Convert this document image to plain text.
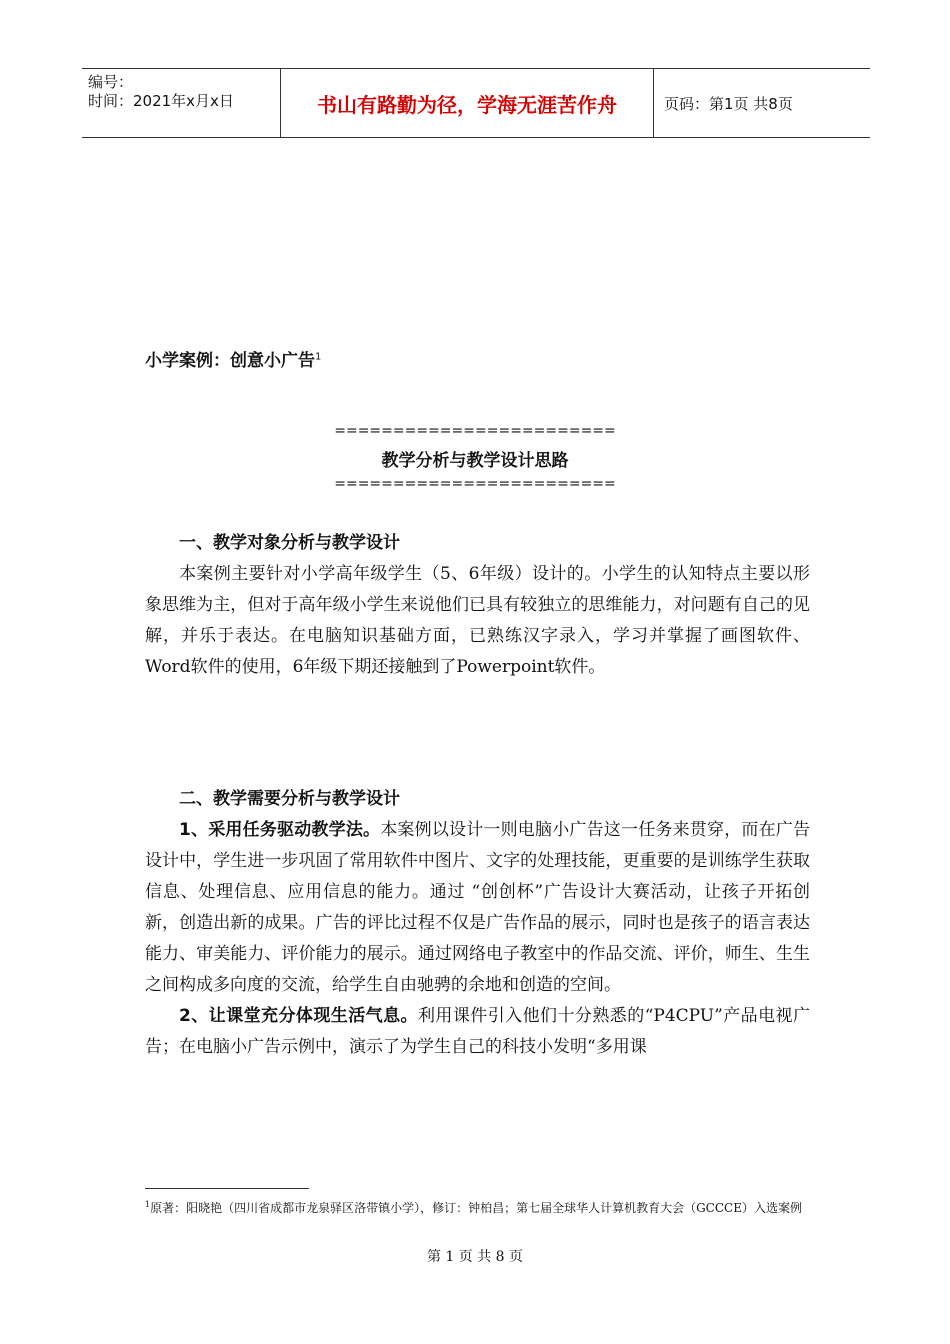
编号：
时间：2021年x月x日	书山有路勤为径，学海无涯苦作舟	页码：第1页 共8页
小学案例：创意小广告$^1$
========================
教学分析与教学设计思路
========================
一、教学对象分析与教学设计

本案例主要针对小学高年级学生（5、6年级）设计的。小学生的认知特点主要以形象思维为主，但对于高年级小学生来说他们已具有较独立的思维能力，对问题有自己的见解，并乐于表达。在电脑知识基础方面，已熟练汉字录入，学习并掌握了画图软件、Word软件的使用，6年级下期还接触到了Powerpoint软件。

二、教学需要分析与教学设计

1、采用任务驱动教学法。本案例以设计一则电脑小广告这一任务来贯穿，而在广告设计中，学生进一步巩固了常用软件中图片、文字的处理技能，更重要的是训练学生获取信息、处理信息、应用信息的能力。通过 “创创杯”广告设计大赛活动，让孩子开拓创新，创造出新的成果。广告的评比过程不仅是广告作品的展示，同时也是孩子的语言表达能力、审美能力、评价能力的展示。通过网络电子教室中的作品交流、评价，师生、生生之间构成多向度的交流，给学生自由驰骋的余地和创造的空间。

2、让课堂充分体现生活气息。利用课件引入他们十分熟悉的“P4CPU”产品电视广告；在电脑小广告示例中，演示了为学生自己的科技小发明“多用课

$^1$原著：阳晓艳（四川省成都市龙泉驿区洛带镇小学），修订：钟柏昌；第七届全球华人计算机教育大会（GCCCE）入选案例
第 1 页 共 8 页
